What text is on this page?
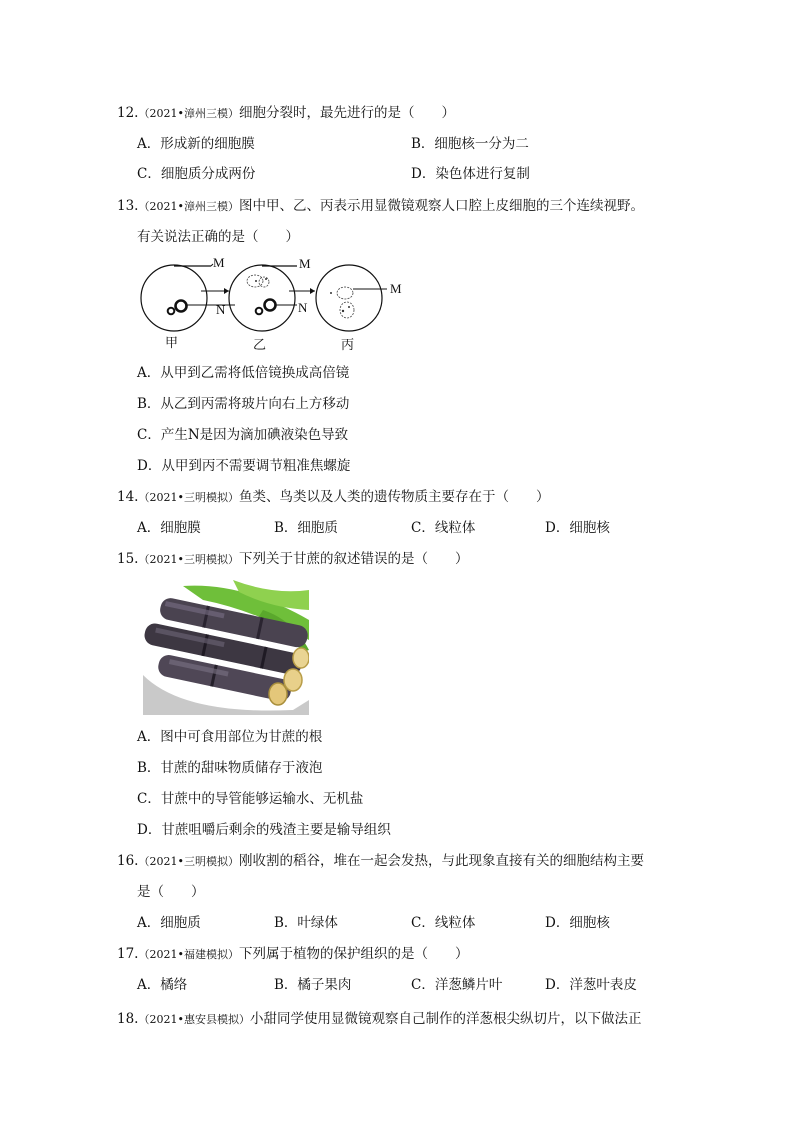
12.（2021•漳州三模）细胞分裂时，最先进行的是（　　）
A．形成新的细胞膜	B．细胞核一分为二
C．细胞质分成两份	D．染色体进行复制
13.（2021•漳州三模）图中甲、乙、丙表示用显微镜观察人口腔上皮细胞的三个连续视野。
有关说法正确的是（　　）
M	M
M
N	N
甲	乙	丙
A．从甲到乙需将低倍镜换成高倍镜
B．从乙到丙需将玻片向右上方移动
C．产生N是因为滴加碘液染色导致
D．从甲到丙不需要调节粗准焦螺旋
14.（2021•三明模拟）鱼类、鸟类以及人类的遗传物质主要存在于（　　）
A．细胞膜	B．细胞质	C．线粒体	D．细胞核
15.（2021•三明模拟）下列关于甘蔗的叙述错误的是（　　）
A．图中可食用部位为甘蔗的根
B．甘蔗的甜味物质储存于液泡
C．甘蔗中的导管能够运输水、无机盐
D．甘蔗咀嚼后剩余的残渣主要是输导组织
16.（2021•三明模拟）刚收割的稻谷，堆在一起会发热，与此现象直接有关的细胞结构主要
是（　　）
A．细胞质	B．叶绿体	C．线粒体	D．细胞核
17.（2021•福建模拟）下列属于植物的保护组织的是（　　）
A．橘络	B．橘子果肉	C．洋葱鳞片叶	D．洋葱叶表皮
18.（2021•惠安县模拟）小甜同学使用显微镜观察自己制作的洋葱根尖纵切片，以下做法正
